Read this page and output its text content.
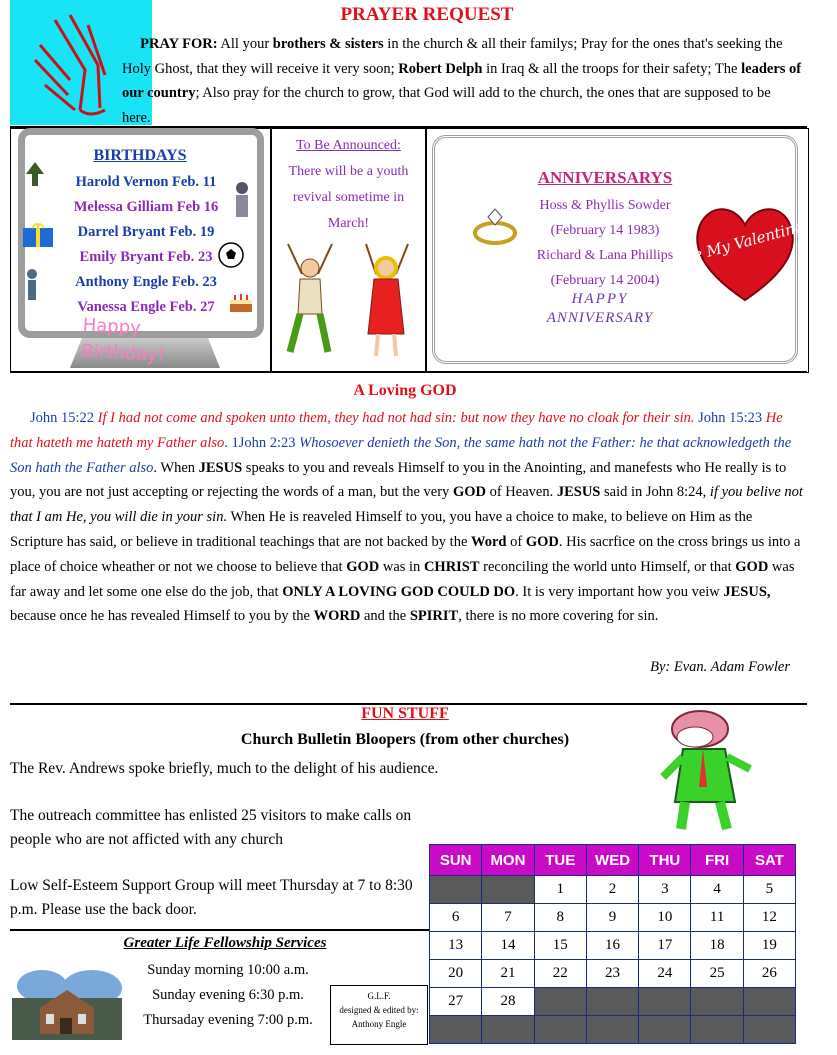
PRAYER REQUEST
PRAY FOR: All your brothers & sisters in the church & all their familys; Pray for the ones that's seeking the Holy Ghost, that they will receive it very soon; Robert Delph in Iraq & all the troops for their safety; The leaders of our country; Also pray for the church to grow, that God will add to the church, the ones that are supposed to be here.
BIRTHDAYS
Harold Vernon Feb. 11
Melessa Gilliam Feb 16
Darrel Bryant Feb. 19
Emily Bryant Feb. 23
Anthony Engle Feb. 23
Vanessa Engle Feb. 27
Happy Birthday!
To Be Announced:
There will be a youth revival sometime in March!
ANNIVERSARYS
Hoss & Phyllis Sowder
(February 14 1983)
Richard & Lana Phillips
(February 14 2004)
HAPPY
ANNIVERSARY
Be My Valentine
A Loving GOD
John 15:22 If I had not come and spoken unto them, they had not had sin: but now they have no cloak for their sin. John 15:23 He that hateth me hateth my Father also. 1John 2:23 Whosoever denieth the Son, the same hath not the Father: he that acknowledgeth the Son hath the Father also. When JESUS speaks to you and reveals Himself to you in the Anointing, and manefests who He really is to you, you are not just accepting or rejecting the words of a man, but the very GOD of Heaven. JESUS said in John 8:24, if you belive not that I am He, you will die in your sin. When He is reaveled Himself to you, you have a choice to make, to believe on Him as the Scripture has said, or believe in traditional teachings that are not backed by the Word of GOD. His sacrfice on the cross brings us into a place of choice wheather or not we choose to believe that GOD was in CHRIST reconciling the world unto Himself, or that GOD was far away and let some one else do the job, that ONLY A LOVING GOD COULD DO. It is very important how you veiw JESUS, because once he has revealed Himself to you by the WORD and the SPIRIT, there is no more covering for sin.
By: Evan. Adam Fowler
FUN STUFF
Church Bulletin Bloopers (from other churches)
The Rev. Andrews spoke briefly, much to the delight of his audience.
The outreach committee has enlisted 25 visitors to make calls on people who are not afficted with any church
Low Self-Esteem Support Group will meet Thursday at 7 to 8:30 p.m. Please use the back door.
Greater Life Fellowship Services
Sunday morning 10:00 a.m.
Sunday evening 6:30 p.m.
Thursaday evening 7:00 p.m.
G.L.F.
designed & edited by:
Anthony Engle
SUN	MON	TUE	WED	THU	FRI	SAT
		1	2	3	4	5
6	7	8	9	10	11	12
13	14	15	16	17	18	19
20	21	22	23	24	25	26
27	28					
